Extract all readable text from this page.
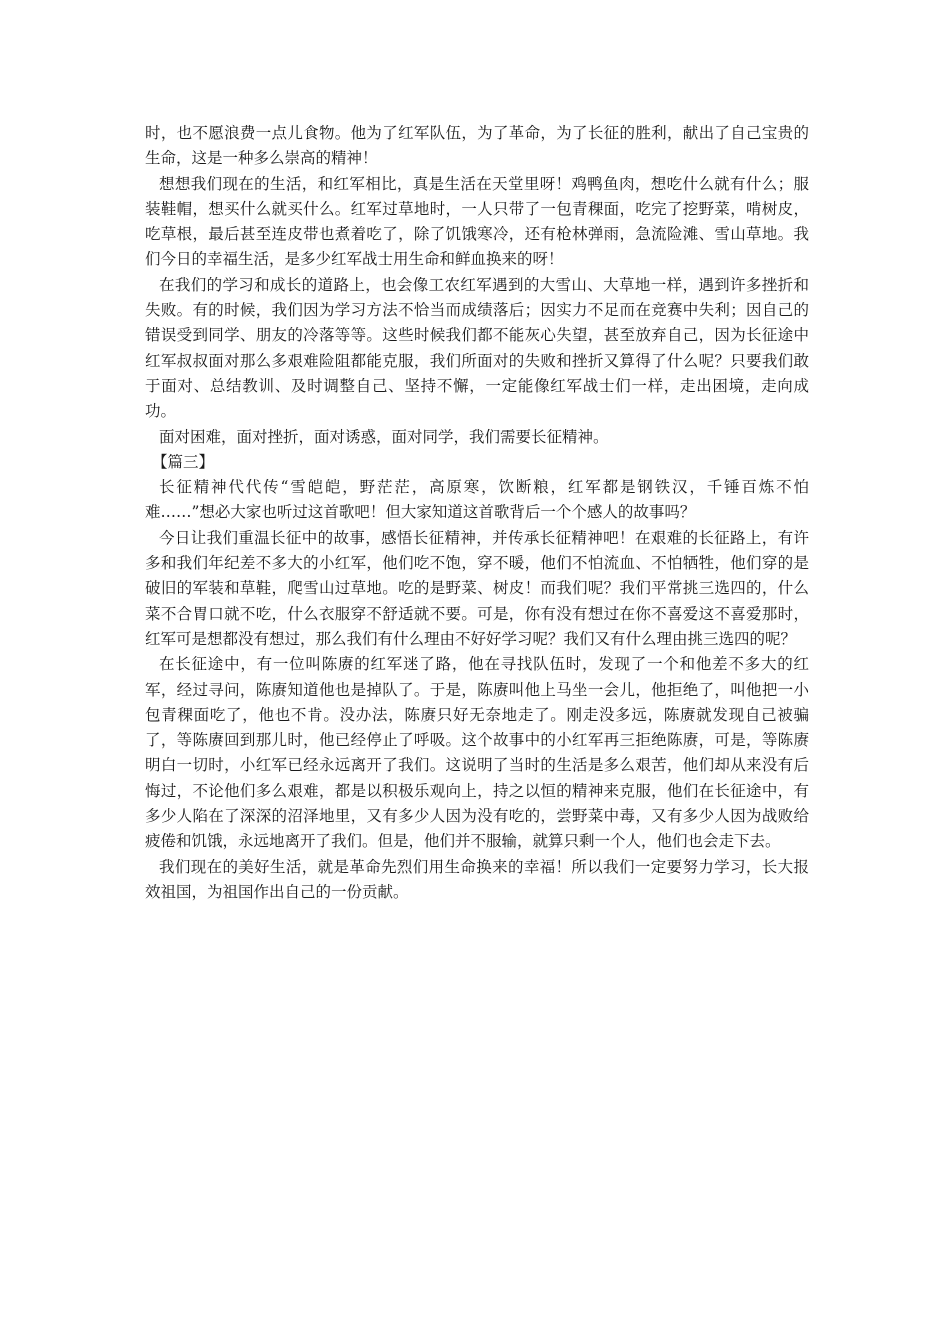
时，也不愿浪费一点儿食物。他为了红军队伍，为了革命，为了长征的胜利，献出了自己宝贵的生命，这是一种多么崇高的精神！

想想我们现在的生活，和红军相比，真是生活在天堂里呀！鸡鸭鱼肉，想吃什么就有什么；服装鞋帽，想买什么就买什么。红军过草地时，一人只带了一包青稞面，吃完了挖野菜，啃树皮，吃草根，最后甚至连皮带也煮着吃了，除了饥饿寒冷，还有枪林弹雨，急流险滩、雪山草地。我们今日的幸福生活，是多少红军战士用生命和鲜血换来的呀！

在我们的学习和成长的道路上，也会像工农红军遇到的大雪山、大草地一样，遇到许多挫折和失败。有的时候，我们因为学习方法不恰当而成绩落后；因实力不足而在竞赛中失利；因自己的错误受到同学、朋友的冷落等等。这些时候我们都不能灰心失望，甚至放弃自己，因为长征途中红军叔叔面对那么多艰难险阻都能克服，我们所面对的失败和挫折又算得了什么呢？只要我们敢于面对、总结教训、及时调整自己、坚持不懈，一定能像红军战士们一样，走出困境，走向成功。

面对困难，面对挫折，面对诱惑，面对同学，我们需要长征精神。

【篇三】

长征精神代代传“雪皑皑，野茫茫，高原寒，饮断粮，红军都是钢铁汉，千锤百炼不怕难……”想必大家也听过这首歌吧！但大家知道这首歌背后一个个感人的故事吗？

今日让我们重温长征中的故事，感悟长征精神，并传承长征精神吧！在艰难的长征路上，有许多和我们年纪差不多大的小红军，他们吃不饱，穿不暖，他们不怕流血、不怕牺牲，他们穿的是破旧的军装和草鞋，爬雪山过草地。吃的是野菜、树皮！而我们呢？我们平常挑三选四的，什么菜不合胃口就不吃，什么衣服穿不舒适就不要。可是，你有没有想过在你不喜爱这不喜爱那时，红军可是想都没有想过，那么我们有什么理由不好好学习呢？我们又有什么理由挑三选四的呢？

在长征途中，有一位叫陈赓的红军迷了路，他在寻找队伍时，发现了一个和他差不多大的红军，经过寻问，陈赓知道他也是掉队了。于是，陈赓叫他上马坐一会儿，他拒绝了，叫他把一小包青稞面吃了，他也不肯。没办法，陈赓只好无奈地走了。刚走没多远，陈赓就发现自己被骗了，等陈赓回到那儿时，他已经停止了呼吸。这个故事中的小红军再三拒绝陈赓，可是，等陈赓明白一切时，小红军已经永远离开了我们。这说明了当时的生活是多么艰苦，他们却从来没有后悔过，不论他们多么艰难，都是以积极乐观向上，持之以恒的精神来克服，他们在长征途中，有多少人陷在了深深的沼泽地里，又有多少人因为没有吃的，尝野菜中毒，又有多少人因为战败给疲倦和饥饿，永远地离开了我们。但是，他们并不服输，就算只剩一个人，他们也会走下去。

我们现在的美好生活，就是革命先烈们用生命换来的幸福！所以我们一定要努力学习，长大报效祖国，为祖国作出自己的一份贡献。
